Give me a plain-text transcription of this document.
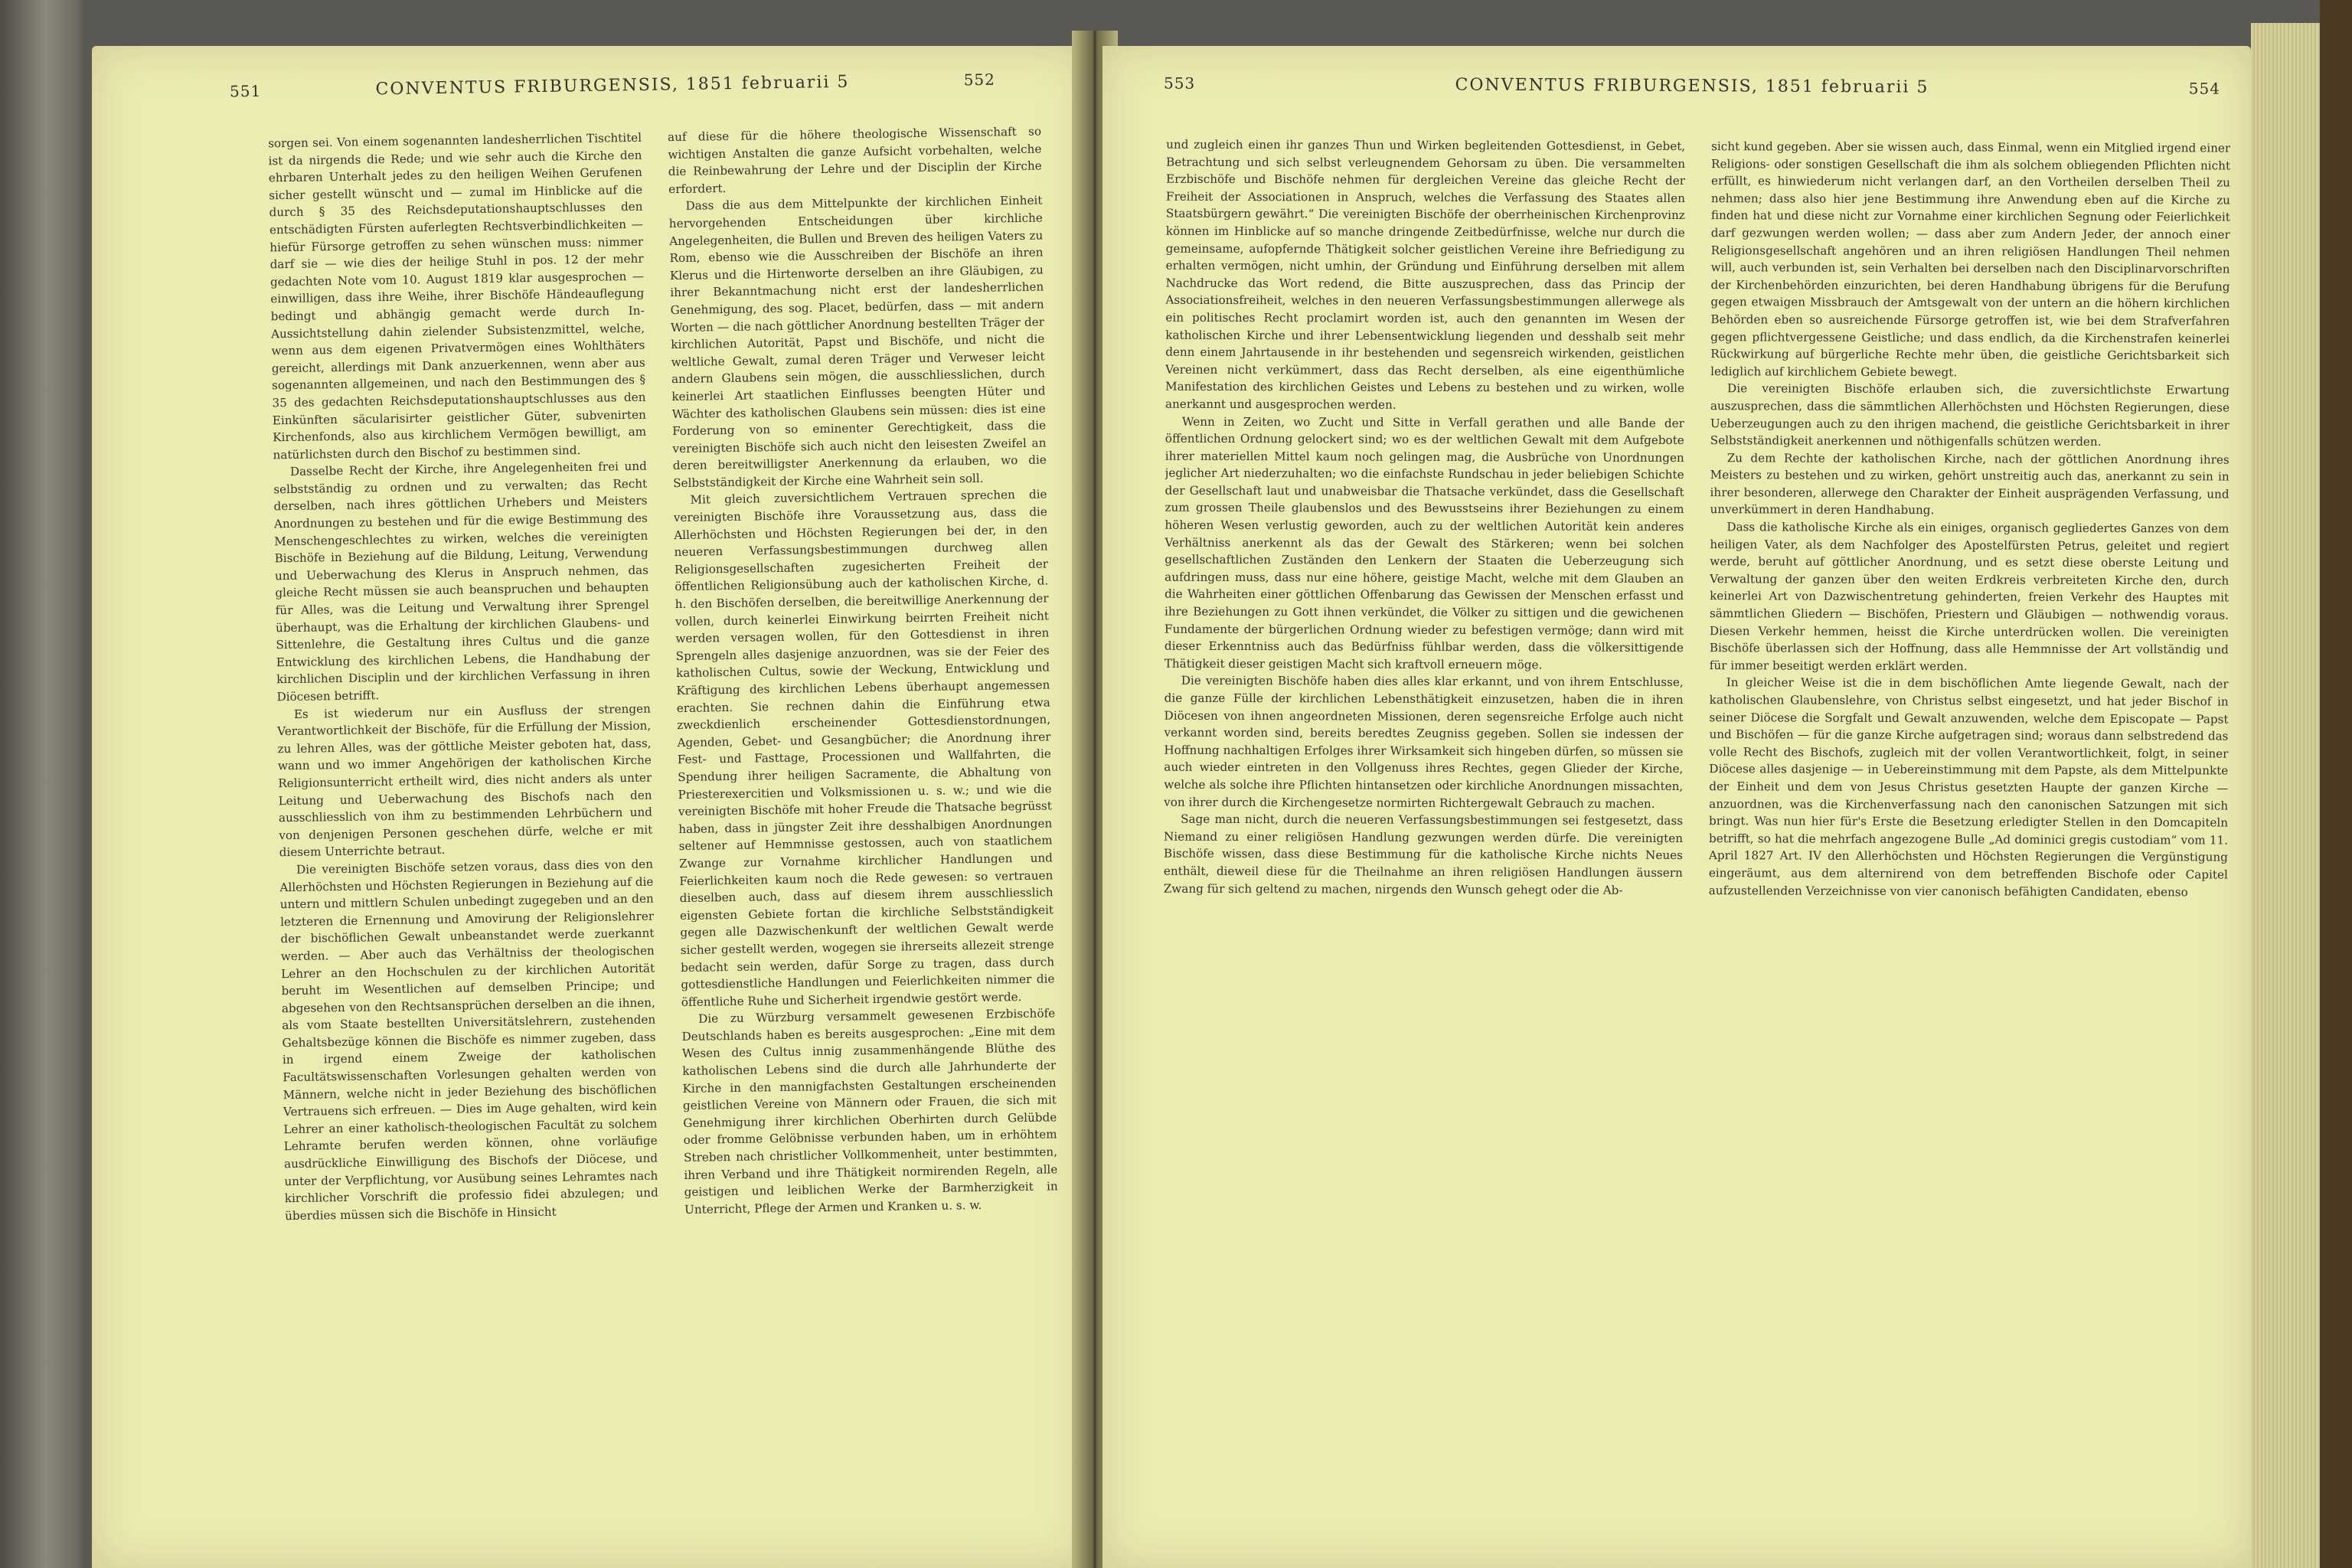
551	CONVENTUS FRIBURGENSIS, 1851 februarii 5	552

sorgen sei. Von einem sogenannten landesherrlichen Tischtitel ist da nirgends die Rede; und wie sehr auch die Kirche den ehrbaren Unterhalt jedes zu den heiligen Weihen Gerufenen sicher gestellt wünscht und — zumal im Hinblicke auf die durch § 35 des Reichsdeputationshauptschlusses den entschädigten Fürsten auferlegten Rechtsverbindlichkeiten — hiefür Fürsorge getroffen zu sehen wünschen muss: nimmer darf sie — wie dies der heilige Stuhl in pos. 12 der mehr gedachten Note vom 10. August 1819 klar ausgesprochen — einwilligen, dass ihre Weihe, ihrer Bischöfe Händeauflegung bedingt und abhängig gemacht werde durch In-Aussichtstellung dahin zielender Subsistenzmittel, welche, wenn aus dem eigenen Privatvermögen eines Wohlthäters gereicht, allerdings mit Dank anzuerkennen, wenn aber aus sogenannten allgemeinen, und nach den Bestimmungen des § 35 des gedachten Reichsdeputationshauptschlusses aus den Einkünften säcularisirter geistlicher Güter, subvenirten Kirchenfonds, also aus kirchlichem Vermögen bewilligt, am natürlichsten durch den Bischof zu bestimmen sind.

Dasselbe Recht der Kirche, ihre Angelegenheiten frei und selbstständig zu ordnen und zu verwalten; das Recht derselben, nach ihres göttlichen Urhebers und Meisters Anordnungen zu bestehen und für die ewige Bestimmung des Menschengeschlechtes zu wirken, welches die vereinigten Bischöfe in Beziehung auf die Bildung, Leitung, Verwendung und Ueberwachung des Klerus in Anspruch nehmen, das gleiche Recht müssen sie auch beanspruchen und behaupten für Alles, was die Leitung und Verwaltung ihrer Sprengel überhaupt, was die Erhaltung der kirchlichen Glaubens- und Sittenlehre, die Gestaltung ihres Cultus und die ganze Entwicklung des kirchlichen Lebens, die Handhabung der kirchlichen Disciplin und der kirchlichen Verfassung in ihren Diöcesen betrifft.

Es ist wiederum nur ein Ausfluss der strengen Verantwortlichkeit der Bischöfe, für die Erfüllung der Mission, zu lehren Alles, was der göttliche Meister geboten hat, dass, wann und wo immer Angehörigen der katholischen Kirche Religionsunterricht ertheilt wird, dies nicht anders als unter Leitung und Ueberwachung des Bischofs nach den ausschliesslich von ihm zu bestimmenden Lehrbüchern und von denjenigen Personen geschehen dürfe, welche er mit diesem Unterrichte betraut.

Die vereinigten Bischöfe setzen voraus, dass dies von den Allerhöchsten und Höchsten Regierungen in Beziehung auf die untern und mittlern Schulen unbedingt zugegeben und an den letzteren die Ernennung und Amovirung der Religionslehrer der bischöflichen Gewalt unbeanstandet werde zuerkannt werden. — Aber auch das Verhältniss der theologischen Lehrer an den Hochschulen zu der kirchlichen Autorität beruht im Wesentlichen auf demselben Principe; und abgesehen von den Rechtsansprüchen derselben an die ihnen, als vom Staate bestellten Universitätslehrern, zustehenden Gehaltsbezüge können die Bischöfe es nimmer zugeben, dass in irgend einem Zweige der katholischen Facultätswissenschaften Vorlesungen gehalten werden von Männern, welche nicht in jeder Beziehung des bischöflichen Vertrauens sich erfreuen. — Dies im Auge gehalten, wird kein Lehrer an einer katholisch-theologischen Facultät zu solchem Lehramte berufen werden können, ohne vorläufige ausdrückliche Einwilligung des Bischofs der Diöcese, und unter der Verpflichtung, vor Ausübung seines Lehramtes nach kirchlicher Vorschrift die professio fidei abzulegen; und überdies müssen sich die Bischöfe in Hinsicht

auf diese für die höhere theologische Wissenschaft so wichtigen Anstalten die ganze Aufsicht vorbehalten, welche die Reinbewahrung der Lehre und der Disciplin der Kirche erfordert.

Dass die aus dem Mittelpunkte der kirchlichen Einheit hervorgehenden Entscheidungen über kirchliche Angelegenheiten, die Bullen und Breven des heiligen Vaters zu Rom, ebenso wie die Ausschreiben der Bischöfe an ihren Klerus und die Hirtenworte derselben an ihre Gläubigen, zu ihrer Bekanntmachung nicht erst der landesherrlichen Genehmigung, des sog. Placet, bedürfen, dass — mit andern Worten — die nach göttlicher Anordnung bestellten Träger der kirchlichen Autorität, Papst und Bischöfe, und nicht die weltliche Gewalt, zumal deren Träger und Verweser leicht andern Glaubens sein mögen, die ausschliesslichen, durch keinerlei Art staatlichen Einflusses beengten Hüter und Wächter des katholischen Glaubens sein müssen: dies ist eine Forderung von so eminenter Gerechtigkeit, dass die vereinigten Bischöfe sich auch nicht den leisesten Zweifel an deren bereitwilligster Anerkennung da erlauben, wo die Selbstständigkeit der Kirche eine Wahrheit sein soll.

Mit gleich zuversichtlichem Vertrauen sprechen die vereinigten Bischöfe ihre Voraussetzung aus, dass die Allerhöchsten und Höchsten Regierungen bei der, in den neueren Verfassungsbestimmungen durchweg allen Religionsgesellschaften zugesicherten Freiheit der öffentlichen Religionsübung auch der katholischen Kirche, d. h. den Bischöfen derselben, die bereitwillige Anerkennung der vollen, durch keinerlei Einwirkung beirrten Freiheit nicht werden versagen wollen, für den Gottesdienst in ihren Sprengeln alles dasjenige anzuordnen, was sie der Feier des katholischen Cultus, sowie der Weckung, Entwicklung und Kräftigung des kirchlichen Lebens überhaupt angemessen erachten. Sie rechnen dahin die Einführung etwa zweckdienlich erscheinender Gottesdienstordnungen, Agenden, Gebet- und Gesangbücher; die Anordnung ihrer Fest- und Fasttage, Processionen und Wallfahrten, die Spendung ihrer heiligen Sacramente, die Abhaltung von Priesterexercitien und Volksmissionen u. s. w.; und wie die vereinigten Bischöfe mit hoher Freude die Thatsache begrüsst haben, dass in jüngster Zeit ihre desshalbigen Anordnungen seltener auf Hemmnisse gestossen, auch von staatlichem Zwange zur Vornahme kirchlicher Handlungen und Feierlichkeiten kaum noch die Rede gewesen: so vertrauen dieselben auch, dass auf diesem ihrem ausschliesslich eigensten Gebiete fortan die kirchliche Selbstständigkeit gegen alle Dazwischenkunft der weltlichen Gewalt werde sicher gestellt werden, wogegen sie ihrerseits allezeit strenge bedacht sein werden, dafür Sorge zu tragen, dass durch gottesdienstliche Handlungen und Feierlichkeiten nimmer die öffentliche Ruhe und Sicherheit irgendwie gestört werde.

Die zu Würzburg versammelt gewesenen Erzbischöfe Deutschlands haben es bereits ausgesprochen: „Eine mit dem Wesen des Cultus innig zusammenhängende Blüthe des katholischen Lebens sind die durch alle Jahrhunderte der Kirche in den mannigfachsten Gestaltungen erscheinenden geistlichen Vereine von Männern oder Frauen, die sich mit Genehmigung ihrer kirchlichen Oberhirten durch Gelübde oder fromme Gelöbnisse verbunden haben, um in erhöhtem Streben nach christlicher Vollkommenheit, unter bestimmten, ihren Verband und ihre Thätigkeit normirenden Regeln, alle geistigen und leiblichen Werke der Barmherzigkeit in Unterricht, Pflege der Armen und Kranken u. s. w.

553	CONVENTUS FRIBURGENSIS, 1851 februarii 5	554

und zugleich einen ihr ganzes Thun und Wirken begleitenden Gottesdienst, in Gebet, Betrachtung und sich selbst verleugnendem Gehorsam zu üben. Die versammelten Erzbischöfe und Bischöfe nehmen für dergleichen Vereine das gleiche Recht der Freiheit der Associationen in Anspruch, welches die Verfassung des Staates allen Staatsbürgern gewährt.“ Die vereinigten Bischöfe der oberrheinischen Kirchenprovinz können im Hinblicke auf so manche dringende Zeitbedürfnisse, welche nur durch die gemeinsame, aufopfernde Thätigkeit solcher geistlichen Vereine ihre Befriedigung zu erhalten vermögen, nicht umhin, der Gründung und Einführung derselben mit allem Nachdrucke das Wort redend, die Bitte auszusprechen, dass das Princip der Associationsfreiheit, welches in den neueren Verfassungsbestimmungen allerwege als ein politisches Recht proclamirt worden ist, auch den genannten im Wesen der katholischen Kirche und ihrer Lebensentwicklung liegenden und desshalb seit mehr denn einem Jahrtausende in ihr bestehenden und segensreich wirkenden, geistlichen Vereinen nicht verkümmert, dass das Recht derselben, als eine eigenthümliche Manifestation des kirchlichen Geistes und Lebens zu bestehen und zu wirken, wolle anerkannt und ausgesprochen werden.

Wenn in Zeiten, wo Zucht und Sitte in Verfall gerathen und alle Bande der öffentlichen Ordnung gelockert sind; wo es der weltlichen Gewalt mit dem Aufgebote ihrer materiellen Mittel kaum noch gelingen mag, die Ausbrüche von Unordnungen jeglicher Art niederzuhalten; wo die einfachste Rundschau in jeder beliebigen Schichte der Gesellschaft laut und unabweisbar die Thatsache verkündet, dass die Gesellschaft zum grossen Theile glaubenslos und des Bewusstseins ihrer Beziehungen zu einem höheren Wesen verlustig geworden, auch zu der weltlichen Autorität kein anderes Verhältniss anerkennt als das der Gewalt des Stärkeren; wenn bei solchen gesellschaftlichen Zuständen den Lenkern der Staaten die Ueberzeugung sich aufdringen muss, dass nur eine höhere, geistige Macht, welche mit dem Glauben an die Wahrheiten einer göttlichen Offenbarung das Gewissen der Menschen erfasst und ihre Beziehungen zu Gott ihnen verkündet, die Völker zu sittigen und die gewichenen Fundamente der bürgerlichen Ordnung wieder zu befestigen vermöge; dann wird mit dieser Erkenntniss auch das Bedürfniss fühlbar werden, dass die völkersittigende Thätigkeit dieser geistigen Macht sich kraftvoll erneuern möge.

Die vereinigten Bischöfe haben dies alles klar erkannt, und von ihrem Entschlusse, die ganze Fülle der kirchlichen Lebensthätigkeit einzusetzen, haben die in ihren Diöcesen von ihnen angeordneten Missionen, deren segensreiche Erfolge auch nicht verkannt worden sind, bereits beredtes Zeugniss gegeben. Sollen sie indessen der Hoffnung nachhaltigen Erfolges ihrer Wirksamkeit sich hingeben dürfen, so müssen sie auch wieder eintreten in den Vollgenuss ihres Rechtes, gegen Glieder der Kirche, welche als solche ihre Pflichten hintansetzen oder kirchliche Anordnungen missachten, von ihrer durch die Kirchengesetze normirten Richtergewalt Gebrauch zu machen.

Sage man nicht, durch die neueren Verfassungsbestimmungen sei festgesetzt, dass Niemand zu einer religiösen Handlung gezwungen werden dürfe. Die vereinigten Bischöfe wissen, dass diese Bestimmung für die katholische Kirche nichts Neues enthält, dieweil diese für die Theilnahme an ihren religiösen Handlungen äussern Zwang für sich geltend zu machen, nirgends den Wunsch gehegt oder die Ab-

sicht kund gegeben. Aber sie wissen auch, dass Einmal, wenn ein Mitglied irgend einer Religions- oder sonstigen Gesellschaft die ihm als solchem obliegenden Pflichten nicht erfüllt, es hinwiederum nicht verlangen darf, an den Vortheilen derselben Theil zu nehmen; dass also hier jene Bestimmung ihre Anwendung eben auf die Kirche zu finden hat und diese nicht zur Vornahme einer kirchlichen Segnung oder Feierlichkeit darf gezwungen werden wollen; — dass aber zum Andern Jeder, der annoch einer Religionsgesellschaft angehören und an ihren religiösen Handlungen Theil nehmen will, auch verbunden ist, sein Verhalten bei derselben nach den Disciplinarvorschriften der Kirchenbehörden einzurichten, bei deren Handhabung übrigens für die Berufung gegen etwaigen Missbrauch der Amtsgewalt von der untern an die höhern kirchlichen Behörden eben so ausreichende Fürsorge getroffen ist, wie bei dem Strafverfahren gegen pflichtvergessene Geistliche; und dass endlich, da die Kirchenstrafen keinerlei Rückwirkung auf bürgerliche Rechte mehr üben, die geistliche Gerichtsbarkeit sich lediglich auf kirchlichem Gebiete bewegt.

Die vereinigten Bischöfe erlauben sich, die zuversichtlichste Erwartung auszusprechen, dass die sämmtlichen Allerhöchsten und Höchsten Regierungen, diese Ueberzeugungen auch zu den ihrigen machend, die geistliche Gerichtsbarkeit in ihrer Selbstständigkeit anerkennen und nöthigenfalls schützen werden.

Zu dem Rechte der katholischen Kirche, nach der göttlichen Anordnung ihres Meisters zu bestehen und zu wirken, gehört unstreitig auch das, anerkannt zu sein in ihrer besonderen, allerwege den Charakter der Einheit ausprägenden Verfassung, und unverkümmert in deren Handhabung.

Dass die katholische Kirche als ein einiges, organisch gegliedertes Ganzes von dem heiligen Vater, als dem Nachfolger des Apostelfürsten Petrus, geleitet und regiert werde, beruht auf göttlicher Anordnung, und es setzt diese oberste Leitung und Verwaltung der ganzen über den weiten Erdkreis verbreiteten Kirche den, durch keinerlei Art von Dazwischentretung gehinderten, freien Verkehr des Hauptes mit sämmtlichen Gliedern — Bischöfen, Priestern und Gläubigen — nothwendig voraus. Diesen Verkehr hemmen, heisst die Kirche unterdrücken wollen. Die vereinigten Bischöfe überlassen sich der Hoffnung, dass alle Hemmnisse der Art vollständig und für immer beseitigt werden erklärt werden.

In gleicher Weise ist die in dem bischöflichen Amte liegende Gewalt, nach der katholischen Glaubenslehre, von Christus selbst eingesetzt, und hat jeder Bischof in seiner Diöcese die Sorgfalt und Gewalt anzuwenden, welche dem Episcopate — Papst und Bischöfen — für die ganze Kirche aufgetragen sind; woraus dann selbstredend das volle Recht des Bischofs, zugleich mit der vollen Verantwortlichkeit, folgt, in seiner Diöcese alles dasjenige — in Uebereinstimmung mit dem Papste, als dem Mittelpunkte der Einheit und dem von Jesus Christus gesetzten Haupte der ganzen Kirche — anzuordnen, was die Kirchenverfassung nach den canonischen Satzungen mit sich bringt. Was nun hier für's Erste die Besetzung erledigter Stellen in den Domcapiteln betrifft, so hat die mehrfach angezogene Bulle „Ad dominici gregis custodiam“ vom 11. April 1827 Art. IV den Allerhöchsten und Höchsten Regierungen die Vergünstigung eingeräumt, aus dem alternirend von dem betreffenden Bischofe oder Capitel aufzustellenden Verzeichnisse von vier canonisch befähigten Candidaten, ebenso
